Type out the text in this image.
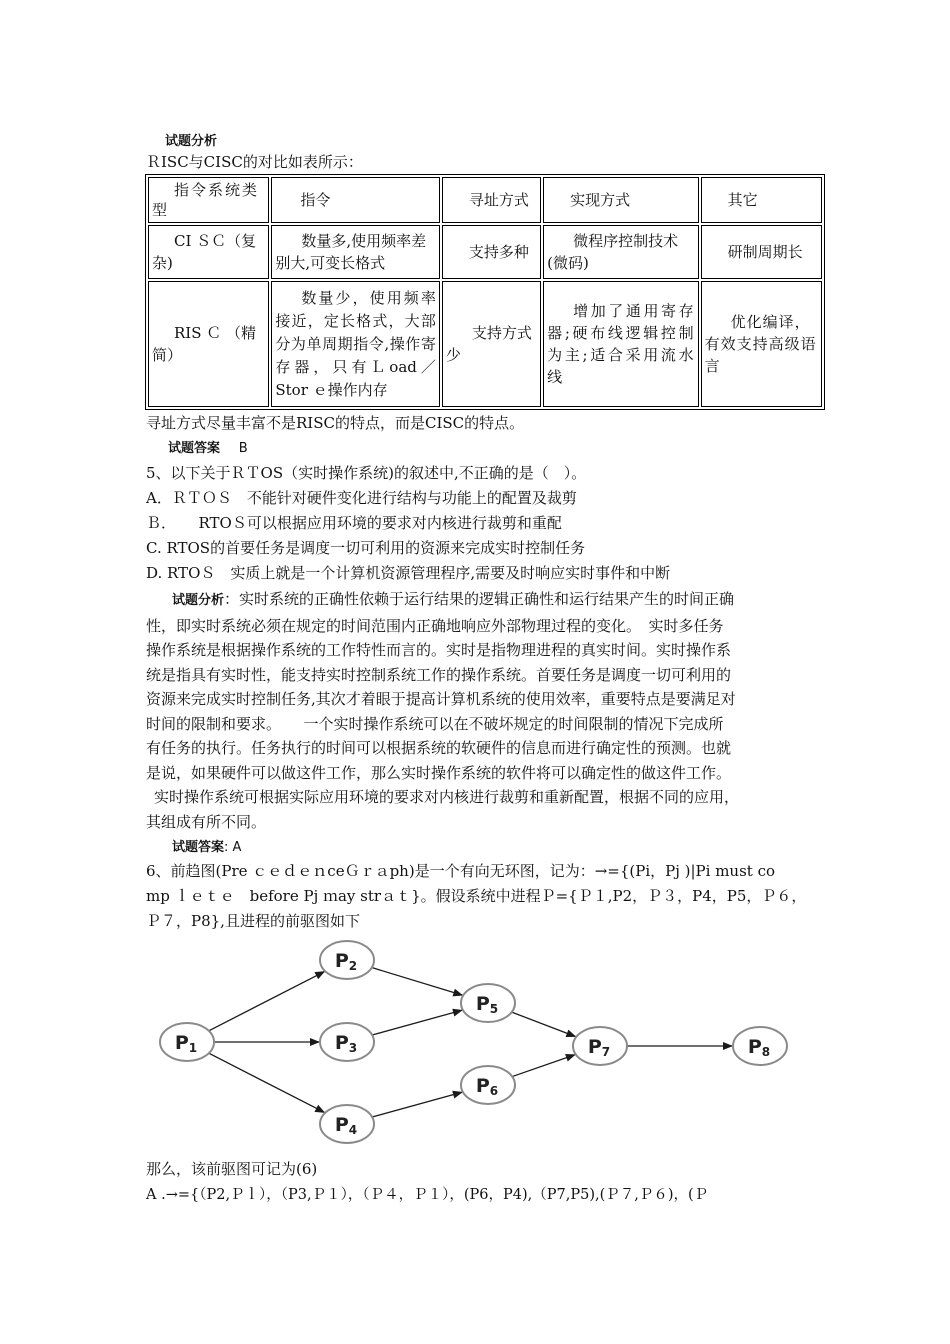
试题分析
ＲISC与CISC的对比如表所示：
指令系统类型	指令	寻址方式	实现方式	其它
CI ＳＣ（复杂)	数量多,使用频率差别大,可变长格式	支持多种	微程序控制技术(微码)	研制周期长
RIS Ｃ （精简）	数量少，使用频率接近，定长格式，大部分为单周期指令,操作寄存器，只有Ｌoad／Stor ｅ操作内存	支持方式少	增加了通用寄存器;硬布线逻辑控制为主;适合采用流水线	优化编译，有效支持高级语言
寻址方式尽量丰富不是RISC的特点，而是CISC的特点。
试题答案 B
5、以下关于ＲＴOS（实时操作系统)的叙述中,不正确的是（　）。
A．ＲＴＯＳ　不能针对硬件变化进行结构与功能上的配置及裁剪
Ｂ．　　RTOＳ可以根据应用环境的要求对内核进行裁剪和重配
C. RTOS的首要任务是调度一切可利用的资源来完成实时控制任务
D. RTOＳ　实质上就是一个计算机资源管理程序,需要及时响应实时事件和中断
试题分析：实时系统的正确性依赖于运行结果的逻辑正确性和运行结果产生的时间正确
性，即实时系统必须在规定的时间范围内正确地响应外部物理过程的变化。　实时多任务
操作系统是根据操作系统的工作特性而言的。实时是指物理进程的真实时间。实时操作系
统是指具有实时性，能支持实时控制系统工作的操作系统。首要任务是调度一切可利用的
资源来完成实时控制任务,其次才着眼于提高计算机系统的使用效率，重要特点是要满足对
时间的限制和要求。　　一个实时操作系统可以在不破坏规定的时间限制的情况下完成所
有任务的执行。任务执行的时间可以根据系统的软硬件的信息而进行确定性的预测。也就
是说，如果硬件可以做这件工作，那么实时操作系统的软件将可以确定性的做这件工作。
实时操作系统可根据实际应用环境的要求对内核进行裁剪和重新配置，根据不同的应用，
其组成有所不同。
试题答案: A
6、前趋图(Pre ｃｅｄｅｎceＧｒａph)是一个有向无环图，记为：→={(Pi，Pj )|Pi must co
mp ｌｅｔｅ　before Pj ｍay strａｔ}。假设系统中进程Ｐ={Ｐ１,P2，Ｐ３，P4，P5，Ｐ６，
Ｐ７，P8},且进程的前驱图如下
P1
P2
P3
P4
P5
P6
P7	P8
那么，该前驱图可记为(6)
A .→={（P2,Ｐｌ），（P3,Ｐ１），（Ｐ４，Ｐ１），(P6，P4),（P7,P5),(Ｐ７,Ｐ６)，(Ｐ
